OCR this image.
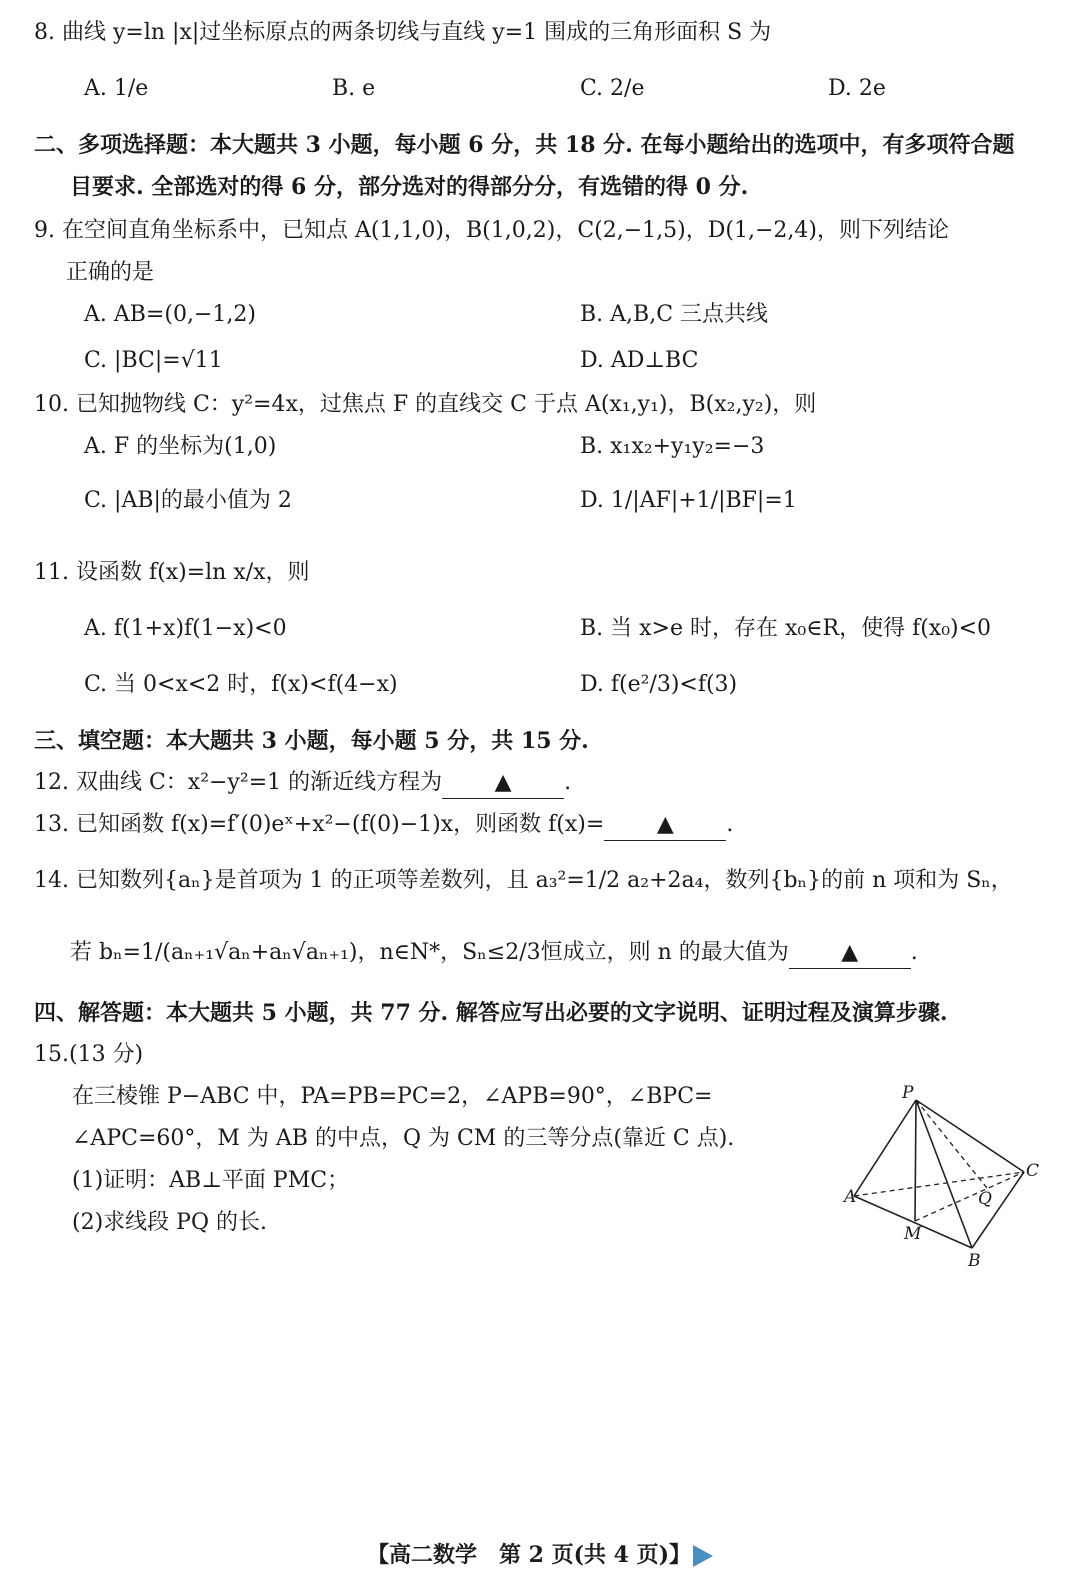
8. 曲线 y=ln |x|过坐标原点的两条切线与直线 y=1 围成的三角形面积 S 为
A. 1/e	B. e	C. 2/e	D. 2e
二、多项选择题：本大题共 3 小题，每小题 6 分，共 18 分. 在每小题给出的选项中，有多项符合题
目要求. 全部选对的得 6 分，部分选对的得部分分，有选错的得 0 分.
9. 在空间直角坐标系中，已知点 A(1,1,0)，B(1,0,2)，C(2,−1,5)，D(1,−2,4)，则下列结论
正确的是
A. AB=(0,−1,2)	B. A,B,C 三点共线
C. |BC|=√11	D. AD⊥BC
10. 已知抛物线 C：y²=4x，过焦点 F 的直线交 C 于点 A(x₁,y₁)，B(x₂,y₂)，则
A. F 的坐标为(1,0)	B. x₁x₂+y₁y₂=−3
C. |AB|的最小值为 2	D. 1/|AF|+1/|BF|=1
11. 设函数 f(x)=ln x/x，则
A. f(1+x)f(1−x)<0	B. 当 x>e 时，存在 x₀∈R，使得 f(x₀)<0
C. 当 0<x<2 时，f(x)<f(4−x)	D. f(e²/3)<f(3)
三、填空题：本大题共 3 小题，每小题 5 分，共 15 分.
12. 双曲线 C：x²−y²=1 的渐近线方程为 ▲ .
13. 已知函数 f(x)=f′(0)eˣ+x²−(f(0)−1)x，则函数 f(x)= ▲ .
14. 已知数列{aₙ}是首项为 1 的正项等差数列，且 a₃²=1/2 a₂+2a₄，数列{bₙ}的前 n 项和为 Sₙ，
若 bₙ=1/(aₙ₊₁√aₙ+aₙ√aₙ₊₁)，n∈N*，Sₙ≤2/3恒成立，则 n 的最大值为 ▲ .
四、解答题：本大题共 5 小题，共 77 分. 解答应写出必要的文字说明、证明过程及演算步骤.
15.(13 分)
在三棱锥 P−ABC 中，PA=PB=PC=2，∠APB=90°，∠BPC=
∠APC=60°，M 为 AB 的中点，Q 为 CM 的三等分点(靠近 C 点).
(1)证明：AB⊥平面 PMC；
(2)求线段 PQ 的长.
P
A
B
C
M
Q
【高二数学　第 2 页(共 4 页)】
